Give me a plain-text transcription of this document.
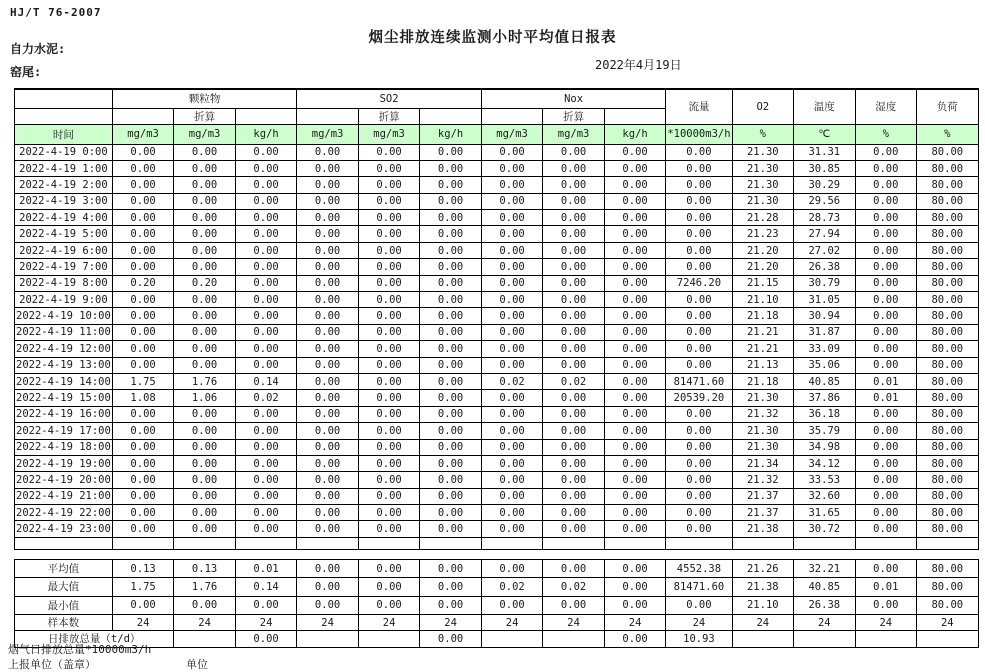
HJ/T 76-2007
烟尘排放连续监测小时平均值日报表
自力水泥:
窑尾:	2022年4月19日
	颗粒物			SO2			Nox			流量	O2	温度	湿度	负荷
		折算			折算			折算						
时间	mg/m3	mg/m3	kg/h	mg/m3	mg/m3	kg/h	mg/m3	mg/m3	kg/h	*10000m3/h	%	℃	%	%
2022-4-19 0:00	0.00	0.00	0.00	0.00	0.00	0.00	0.00	0.00	0.00	0.00	21.30	31.31	0.00	80.00
2022-4-19 1:00	0.00	0.00	0.00	0.00	0.00	0.00	0.00	0.00	0.00	0.00	21.30	30.85	0.00	80.00
2022-4-19 2:00	0.00	0.00	0.00	0.00	0.00	0.00	0.00	0.00	0.00	0.00	21.30	30.29	0.00	80.00
2022-4-19 3:00	0.00	0.00	0.00	0.00	0.00	0.00	0.00	0.00	0.00	0.00	21.30	29.56	0.00	80.00
2022-4-19 4:00	0.00	0.00	0.00	0.00	0.00	0.00	0.00	0.00	0.00	0.00	21.28	28.73	0.00	80.00
2022-4-19 5:00	0.00	0.00	0.00	0.00	0.00	0.00	0.00	0.00	0.00	0.00	21.23	27.94	0.00	80.00
2022-4-19 6:00	0.00	0.00	0.00	0.00	0.00	0.00	0.00	0.00	0.00	0.00	21.20	27.02	0.00	80.00
2022-4-19 7:00	0.00	0.00	0.00	0.00	0.00	0.00	0.00	0.00	0.00	0.00	21.20	26.38	0.00	80.00
2022-4-19 8:00	0.20	0.20	0.00	0.00	0.00	0.00	0.00	0.00	0.00	7246.20	21.15	30.79	0.00	80.00
2022-4-19 9:00	0.00	0.00	0.00	0.00	0.00	0.00	0.00	0.00	0.00	0.00	21.10	31.05	0.00	80.00
2022-4-19 10:00	0.00	0.00	0.00	0.00	0.00	0.00	0.00	0.00	0.00	0.00	21.18	30.94	0.00	80.00
2022-4-19 11:00	0.00	0.00	0.00	0.00	0.00	0.00	0.00	0.00	0.00	0.00	21.21	31.87	0.00	80.00
2022-4-19 12:00	0.00	0.00	0.00	0.00	0.00	0.00	0.00	0.00	0.00	0.00	21.21	33.09	0.00	80.00
2022-4-19 13:00	0.00	0.00	0.00	0.00	0.00	0.00	0.00	0.00	0.00	0.00	21.13	35.06	0.00	80.00
2022-4-19 14:00	1.75	1.76	0.14	0.00	0.00	0.00	0.02	0.02	0.00	81471.60	21.18	40.85	0.01	80.00
2022-4-19 15:00	1.08	1.06	0.02	0.00	0.00	0.00	0.00	0.00	0.00	20539.20	21.30	37.86	0.01	80.00
2022-4-19 16:00	0.00	0.00	0.00	0.00	0.00	0.00	0.00	0.00	0.00	0.00	21.32	36.18	0.00	80.00
2022-4-19 17:00	0.00	0.00	0.00	0.00	0.00	0.00	0.00	0.00	0.00	0.00	21.30	35.79	0.00	80.00
2022-4-19 18:00	0.00	0.00	0.00	0.00	0.00	0.00	0.00	0.00	0.00	0.00	21.30	34.98	0.00	80.00
2022-4-19 19:00	0.00	0.00	0.00	0.00	0.00	0.00	0.00	0.00	0.00	0.00	21.34	34.12	0.00	80.00
2022-4-19 20:00	0.00	0.00	0.00	0.00	0.00	0.00	0.00	0.00	0.00	0.00	21.32	33.53	0.00	80.00
2022-4-19 21:00	0.00	0.00	0.00	0.00	0.00	0.00	0.00	0.00	0.00	0.00	21.37	32.60	0.00	80.00
2022-4-19 22:00	0.00	0.00	0.00	0.00	0.00	0.00	0.00	0.00	0.00	0.00	21.37	31.65	0.00	80.00
2022-4-19 23:00	0.00	0.00	0.00	0.00	0.00	0.00	0.00	0.00	0.00	0.00	21.38	30.72	0.00	80.00

平均值	0.13	0.13	0.01	0.00	0.00	0.00	0.00	0.00	0.00	4552.38	21.26	32.21	0.00	80.00
最大值	1.75	1.76	0.14	0.00	0.00	0.00	0.02	0.02	0.00	81471.60	21.38	40.85	0.01	80.00
最小值	0.00	0.00	0.00	0.00	0.00	0.00	0.00	0.00	0.00	0.00	21.10	26.38	0.00	80.00
样本数	24	24	24	24	24	24	24	24	24	24	24	24	24	24
日排放总量（t/d）			0.00			0.00			0.00	10.93				
烟气日排放总量*10000m3/h
上报单位（盖章）	单位
